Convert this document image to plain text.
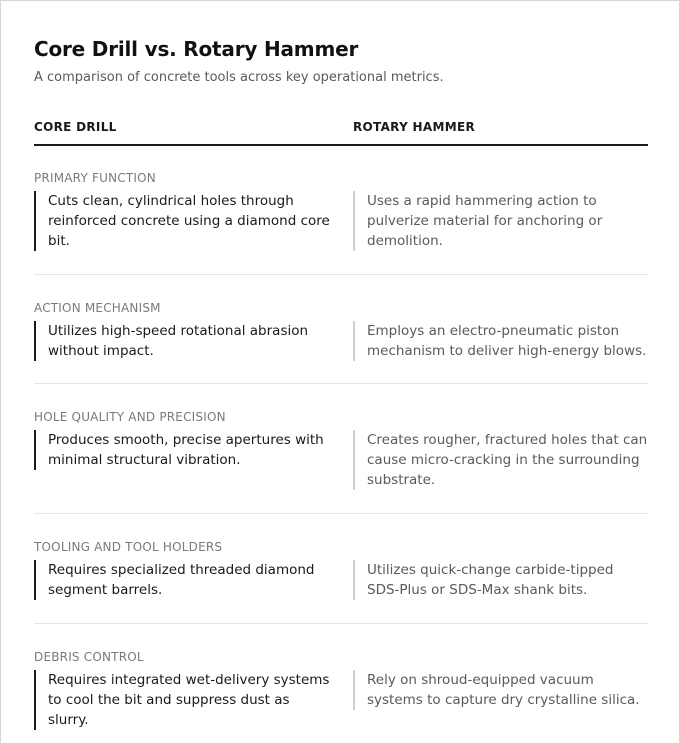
Core Drill vs. Rotary Hammer

A comparison of concrete tools across key operational metrics.

CORE DRILL	ROTARY HAMMER
PRIMARY FUNCTION
Cuts clean, cylindrical holes through reinforced concrete using a diamond core bit.
Uses a rapid hammering action to pulverize material for anchoring or demolition.
ACTION MECHANISM
Utilizes high-speed rotational abrasion without impact.
Employs an electro-pneumatic piston mechanism to deliver high-energy blows.
HOLE QUALITY AND PRECISION
Produces smooth, precise apertures with minimal structural vibration.
Creates rougher, fractured holes that can cause micro-cracking in the surrounding substrate.
TOOLING AND TOOL HOLDERS
Requires specialized threaded diamond segment barrels.
Utilizes quick-change carbide-tipped SDS-Plus or SDS-Max shank bits.
DEBRIS CONTROL
Requires integrated wet-delivery systems to cool the bit and suppress dust as slurry.
Rely on shroud-equipped vacuum systems to capture dry crystalline silica.
